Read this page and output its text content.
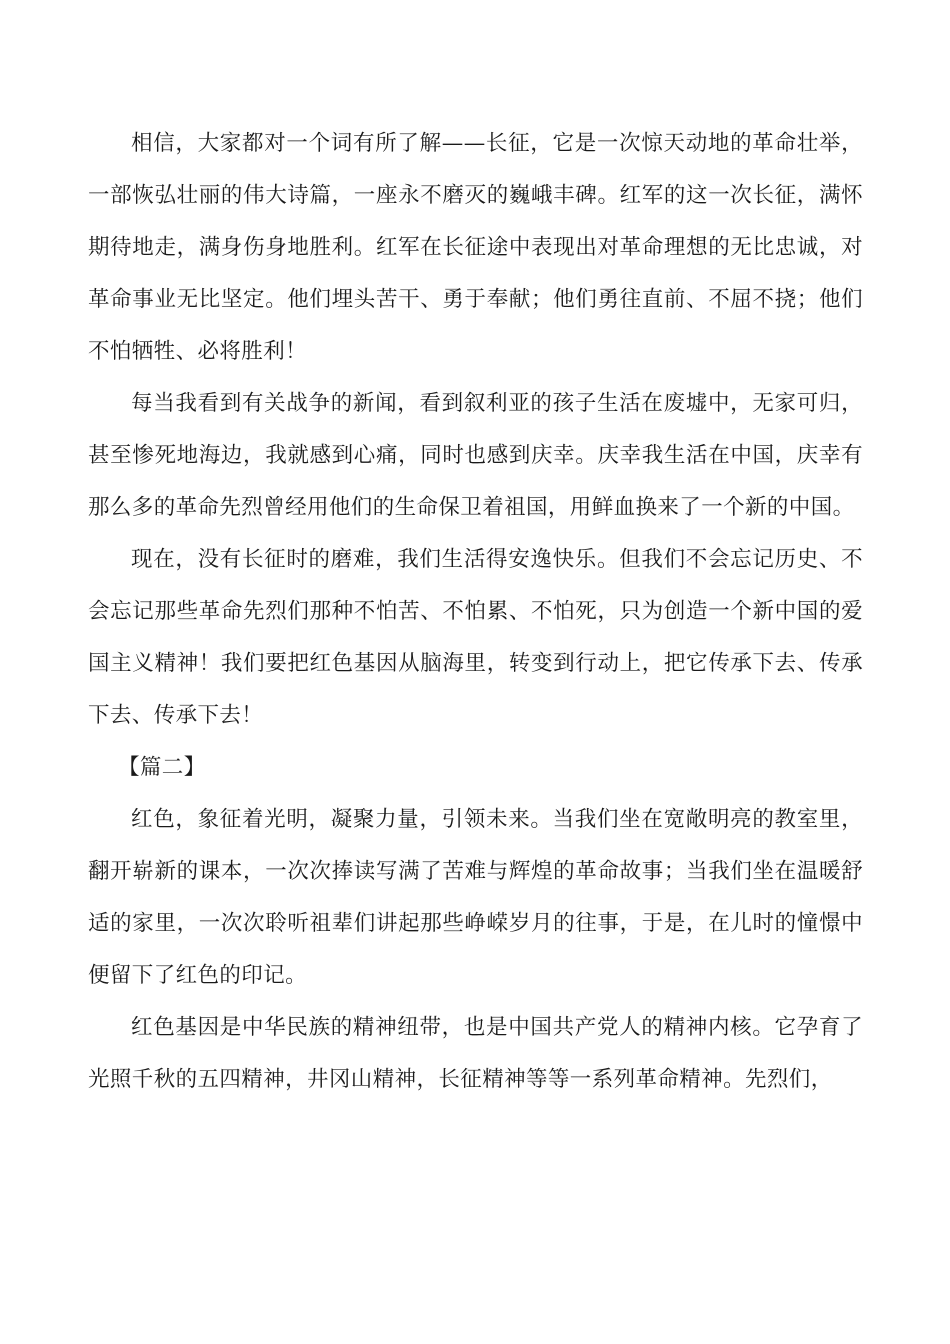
相信，大家都对一个词有所了解——长征，它是一次惊天动地的革命壮举，一部恢弘壮丽的伟大诗篇，一座永不磨灭的巍峨丰碑。红军的这一次长征，满怀期待地走，满身伤身地胜利。红军在长征途中表现出对革命理想的无比忠诚，对革命事业无比坚定。他们埋头苦干、勇于奉献；他们勇往直前、不屈不挠；他们不怕牺牲、必将胜利！

每当我看到有关战争的新闻，看到叙利亚的孩子生活在废墟中，无家可归，甚至惨死地海边，我就感到心痛，同时也感到庆幸。庆幸我生活在中国，庆幸有那么多的革命先烈曾经用他们的生命保卫着祖国，用鲜血换来了一个新的中国。

现在，没有长征时的磨难，我们生活得安逸快乐。但我们不会忘记历史、不会忘记那些革命先烈们那种不怕苦、不怕累、不怕死，只为创造一个新中国的爱国主义精神！我们要把红色基因从脑海里，转变到行动上，把它传承下去、传承下去、传承下去！

【篇二】

红色，象征着光明，凝聚力量，引领未来。当我们坐在宽敞明亮的教室里，翻开崭新的课本，一次次捧读写满了苦难与辉煌的革命故事；当我们坐在温暖舒适的家里，一次次聆听祖辈们讲起那些峥嵘岁月的往事，于是，在儿时的憧憬中便留下了红色的印记。

红色基因是中华民族的精神纽带，也是中国共产党人的精神内核。它孕育了光照千秋的五四精神，井冈山精神，长征精神等等一系列革命精神。先烈们，
